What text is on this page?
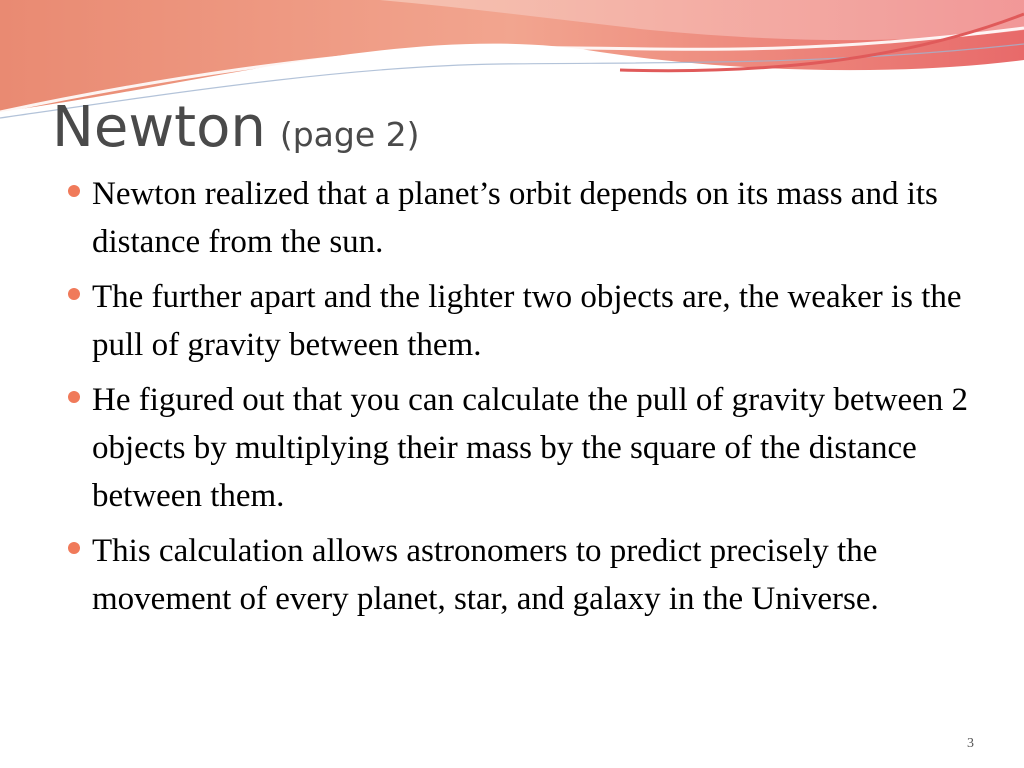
Newton (page 2)
Newton realized that a planet’s orbit depends on its mass and its distance from the sun.
The further apart and the lighter two objects are, the weaker is the pull of gravity between them.
He figured out that you can calculate the pull of gravity between 2 objects by multiplying their mass by the square of the distance between them.
This calculation allows astronomers to predict precisely the movement of every planet, star, and galaxy in the Universe.
3
